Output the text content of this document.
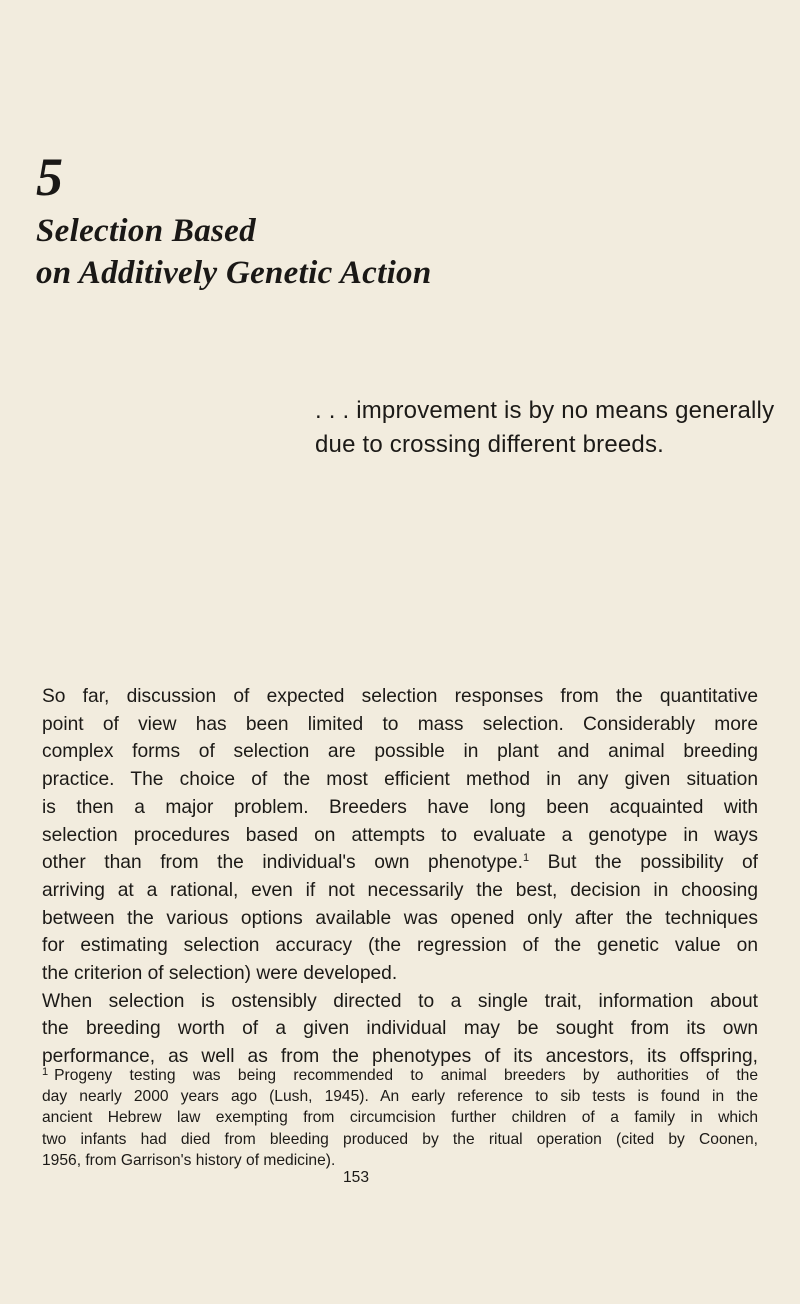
5
Selection Based
on Additively Genetic Action
. . . improvement is by no means generally
due to crossing different breeds.
So far, discussion of expected selection responses from the quantitative
point of view has been limited to mass selection. Considerably more
complex forms of selection are possible in plant and animal breeding
practice. The choice of the most efficient method in any given situation
is then a major problem. Breeders have long been acquainted with
selection procedures based on attempts to evaluate a genotype in ways
other than from the individual's own phenotype.$^1$ But the possibility of
arriving at a rational, even if not necessarily the best, decision in choosing
between the various options available was opened only after the techniques
for estimating selection accuracy (the regression of the genetic value on
the criterion of selection) were developed.
When selection is ostensibly directed to a single trait, information about
the breeding worth of a given individual may be sought from its own
performance, as well as from the phenotypes of its ancestors, its offspring,
$^1$ Progeny testing was being recommended to animal breeders by authorities of the
day nearly 2000 years ago (Lush, 1945). An early reference to sib tests is found in the
ancient Hebrew law exempting from circumcision further children of a family in which
two infants had died from bleeding produced by the ritual operation (cited by Coonen,
1956, from Garrison's history of medicine).
153
